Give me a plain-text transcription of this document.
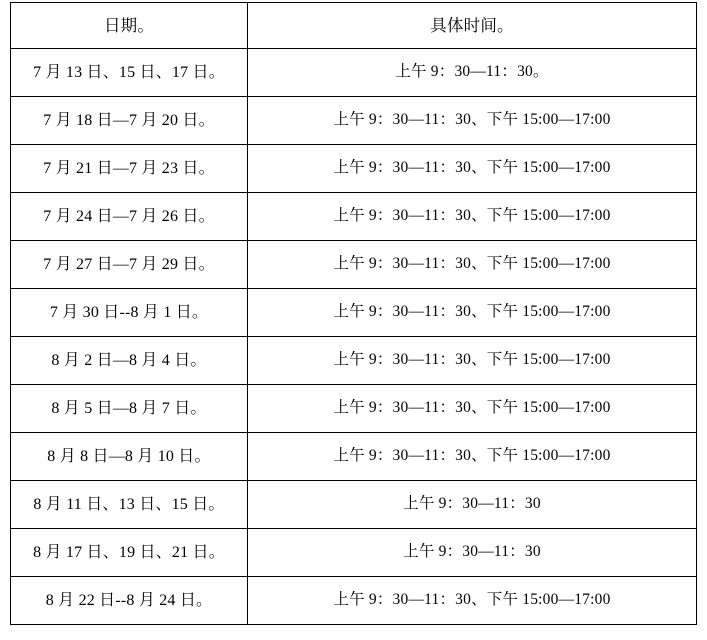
日期。	具体时间。

7 月 13 日、15 日、17 日。	上午 9：30—11：30。

7 月 18 日—7 月 20 日。	上午 9：30—11：30、下午 15:00—17:00

7 月 21 日—7 月 23 日。	上午 9：30—11：30、下午 15:00—17:00

7 月 24 日—7 月 26 日。	上午 9：30—11：30、下午 15:00—17:00

7 月 27 日—7 月 29 日。	上午 9：30—11：30、下午 15:00—17:00

7 月 30 日--8 月 1 日。	上午 9：30—11：30、下午 15:00—17:00

8 月 2 日—8 月 4 日。	上午 9：30—11：30、下午 15:00—17:00

8 月 5 日—8 月 7 日。	上午 9：30—11：30、下午 15:00—17:00

8 月 8 日—8 月 10 日。	上午 9：30—11：30、下午 15:00—17:00

8 月 11 日、13 日、15 日。	上午 9：30—11：30

8 月 17 日、19 日、21 日。	上午 9：30—11：30

8 月 22 日--8 月 24 日。	上午 9：30—11：30、下午 15:00—17:00
